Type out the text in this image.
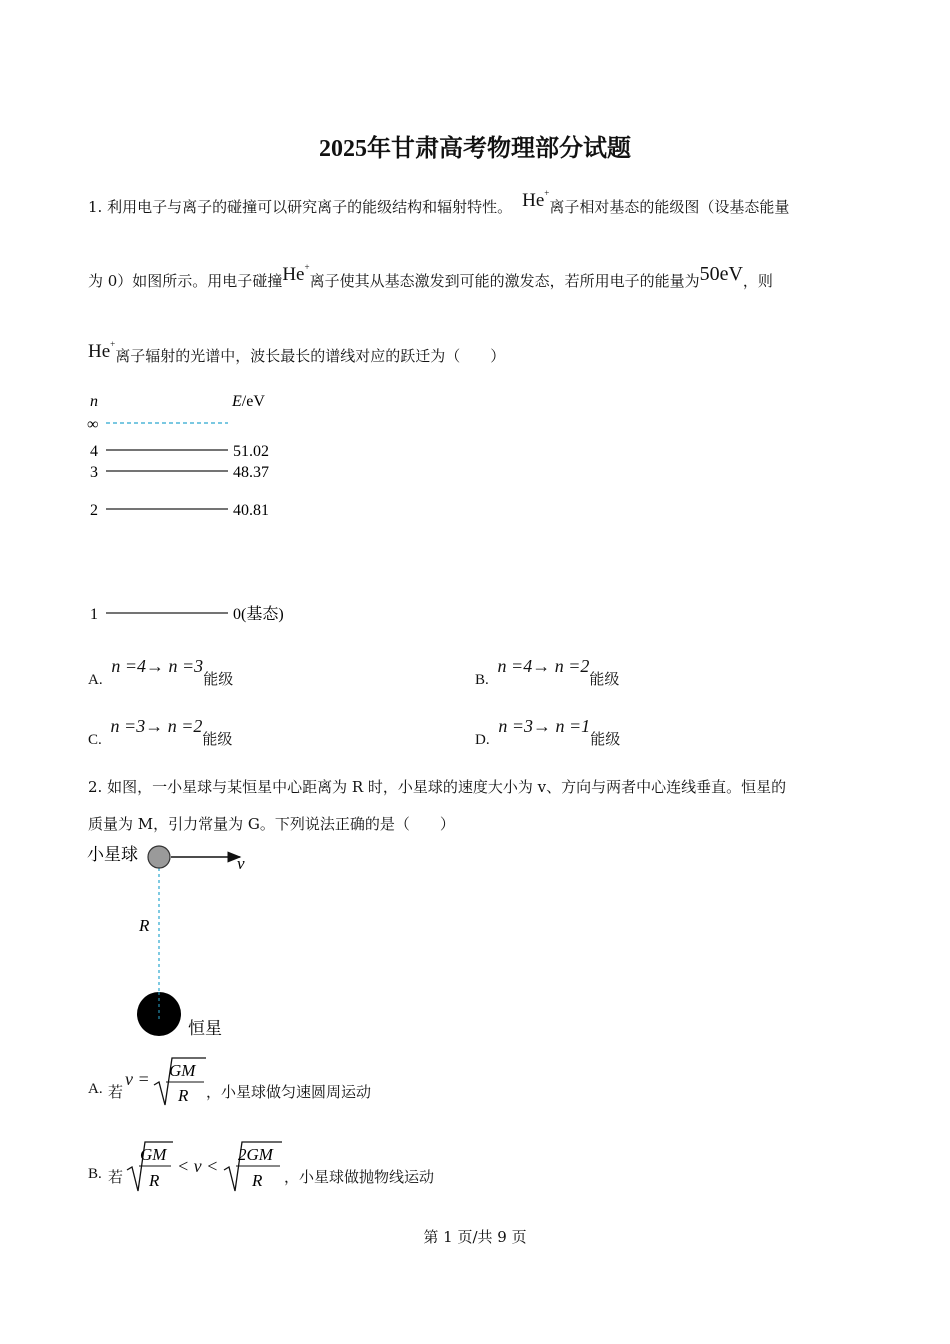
2025年甘肃高考物理部分试题
1. 利用电子与离子的碰撞可以研究离子的能级结构和辐射特性。 He+离子相对基态的能级图（设基态能量
为 0）如图所示。用电子碰撞He+离子使其从基态激发到可能的激发态，若所用电子的能量为50eV，则
He+离子辐射的光谱中，波长最长的谱线对应的跃迁为（　　）
n	E/eV
∞
4	51.02
3	48.37
2	40.81
1	0(基态)
A. n =4→ n =3能级	B. n =4→ n =2能级
C. n =3→ n =2能级	D. n =3→ n =1能级
2. 如图，一小星球与某恒星中心距离为 R 时，小星球的速度大小为 v、方向与两者中心连线垂直。恒星的
质量为 M，引力常量为 G。下列说法正确的是（　　）
小星球	v
R
恒星
A. 若
v = GM
R ，小星球做匀速圆周运动
B. 若
GM
R
< v <
2GM
R ，小星球做抛物线运动
第 1 页/共 9 页
